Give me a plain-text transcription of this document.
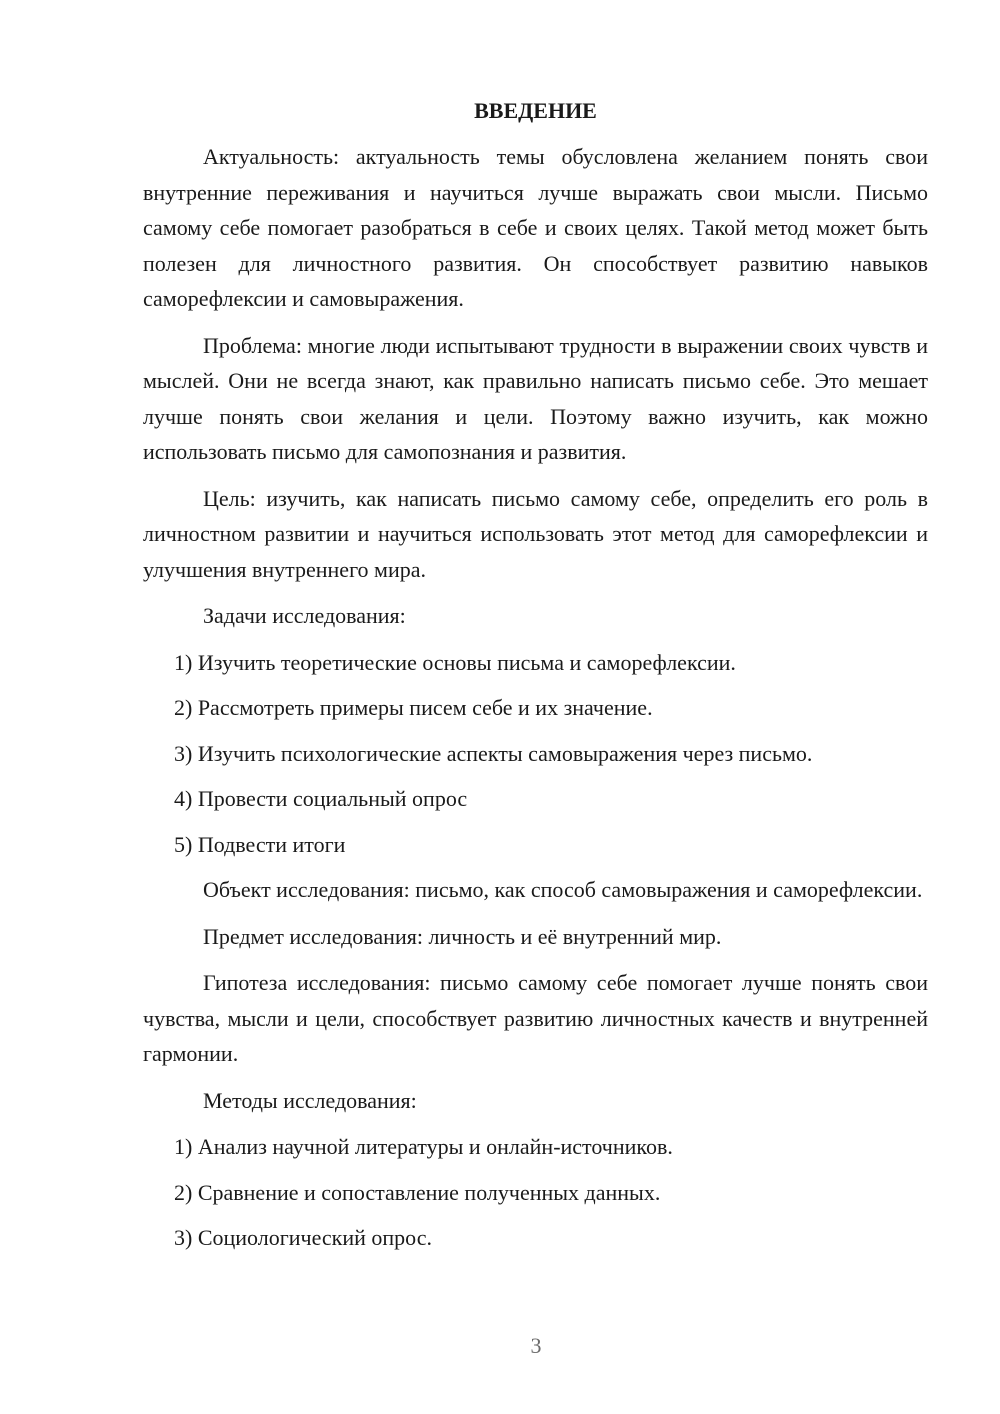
ВВЕДЕНИЕ

Актуальность: актуальность темы обусловлена желанием понять свои внутренние переживания и научиться лучше выражать свои мысли. Письмо самому себе помогает разобраться в себе и своих целях. Такой метод может быть полезен для личностного развития. Он способствует развитию навыков саморефлексии и самовыражения.

Проблема: многие люди испытывают трудности в выражении своих чувств и мыслей. Они не всегда знают, как правильно написать письмо себе. Это мешает лучше понять свои желания и цели. Поэтому важно изучить, как можно использовать письмо для самопознания и развития.

Цель: изучить, как написать письмо самому себе, определить его роль в личностном развитии и научиться использовать этот метод для саморефлексии и улучшения внутреннего мира.

Задачи исследования:

1) Изучить теоретические основы письма и саморефлексии.
2) Рассмотреть примеры писем себе и их значение.
3) Изучить психологические аспекты самовыражения через письмо.
4) Провести социальный опрос
5) Подвести итоги

Объект исследования: письмо, как способ самовыражения и саморефлексии.

Предмет исследования: личность и её внутренний мир.

Гипотеза исследования: письмо самому себе помогает лучше понять свои чувства, мысли и цели, способствует развитию личностных качеств и внутренней гармонии.

Методы исследования:

1) Анализ научной литературы и онлайн-источников.
2) Сравнение и сопоставление полученных данных.
3) Социологический опрос.
3
